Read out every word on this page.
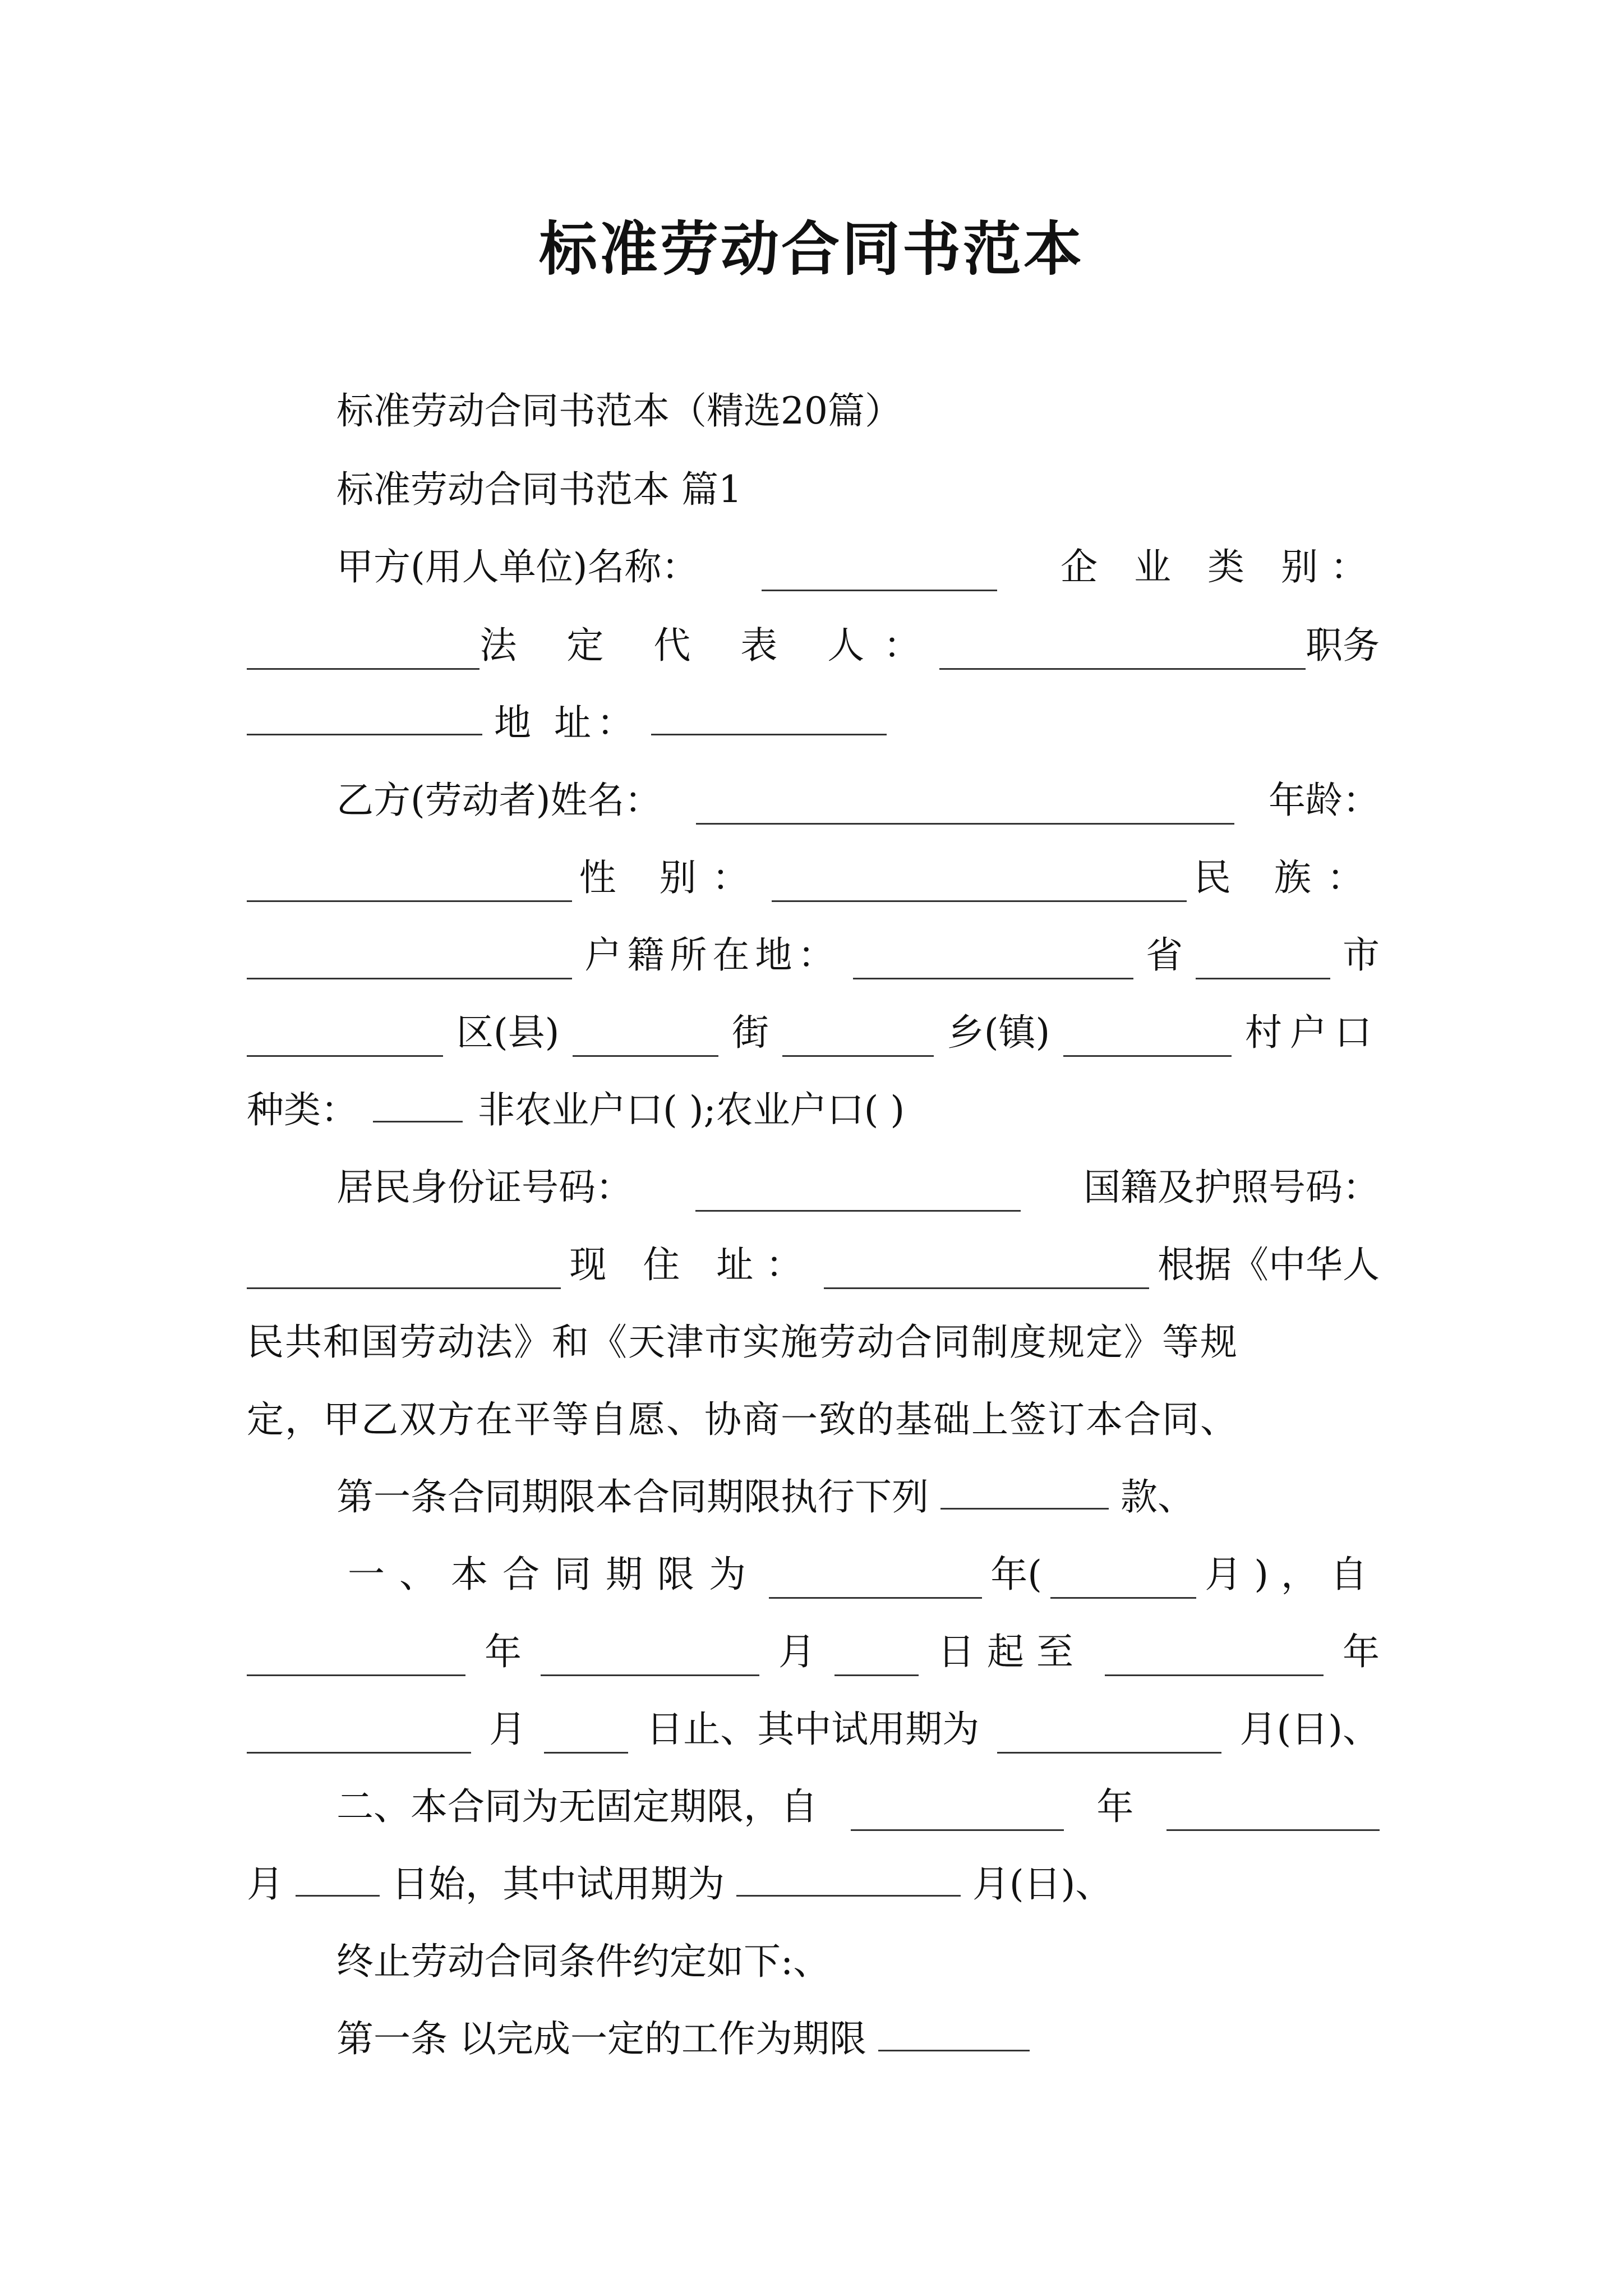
标准劳动合同书范本
标准劳动合同书范本（精选20篇）
标准劳动合同书范本 篇1
甲方(用人单位)名称：	企 业 类 别：
法 定 代 表 人：	职务
地 址：
乙方(劳动者)姓名：	年龄：
性 别：	民 族：
户籍所在地：	省	市
区(县)	街	乡(镇)	村户口
种类：	非农业户口( );农业户口( )
居民身份证号码：	国籍及护照号码：
现 住 址：	根据《中华人
民共和国劳动法》和《天津市实施劳动合同制度规定》等规
定，甲乙双方在平等自愿、协商一致的基础上签订本合同、
第一条合同期限本合同期限执行下列	款、
一、本合同期限为	年(	月)，自
年	月	日起至	年
月	日止、其中试用期为	月(日)、
二、本合同为无固定期限，自	年
月	日始，其中试用期为	月(日)、
终止劳动合同条件约定如下:、
第一条 以完成一定的工作为期限
